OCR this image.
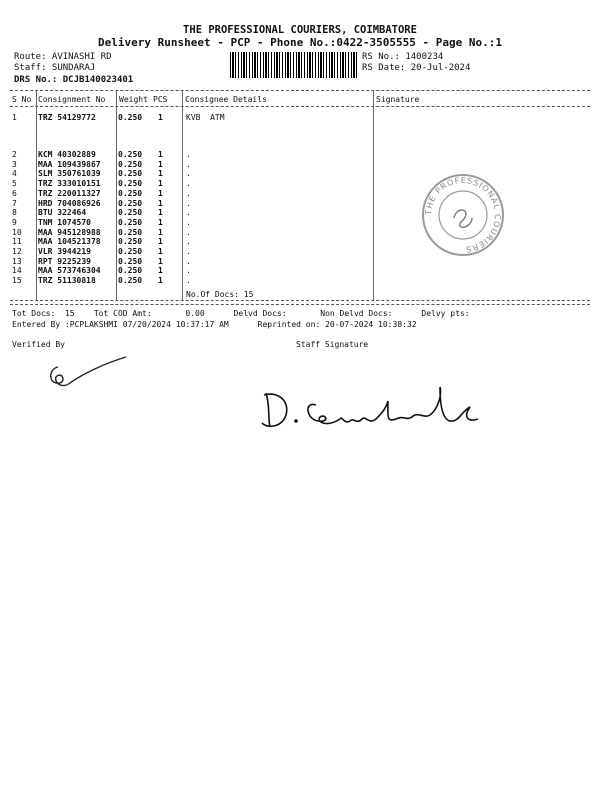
THE PROFESSIONAL COURIERS, COIMBATORE
Delivery Runsheet - PCP - Phone No.:0422-3505555 - Page No.:1
Route: AVINASHI RD
Staff: SUNDARAJ
DRS No.: DCJB140023401
RS No.: 1400234
RS Date: 20-Jul-2024
S No Consignment No Weight PCS Consignee Details	Signature
1	TRZ 54129772	0.250 1	KVB  ATM
2	KCM 40302889	0.250 1	.
3	MAA 109439867 0.250 1	.
4	SLM 350761039 0.250 1	.
5	TRZ 333010151 0.250 1	.
6	TRZ 220011327 0.250 1	.
7	HRD 704086926 0.250 1	.
8	BTU 322464	0.250 1	.
9	TNM 1074570	0.250 1	.
10 MAA 945128988 0.250 1	.
11 MAA 104521378 0.250 1	.
12 VLR 3944219	0.250 1	.
13 RPT 9225239	0.250 1	.
14 MAA 573746304 0.250 1	.
15 TRZ 51130818	0.250 1	.
No.Of Docs: 15
THE PROFESSIONAL COURIERS
Tot Docs:  15    Tot COD Amt:       0.00      Delvd Docs:       Non Delvd Docs:      Delvy pts:
Entered By :PCPLAKSHMI 07/20/2024 10:37:17 AM      Reprinted on: 20-07-2024 10:38:32
Verified By	Staff Signature
